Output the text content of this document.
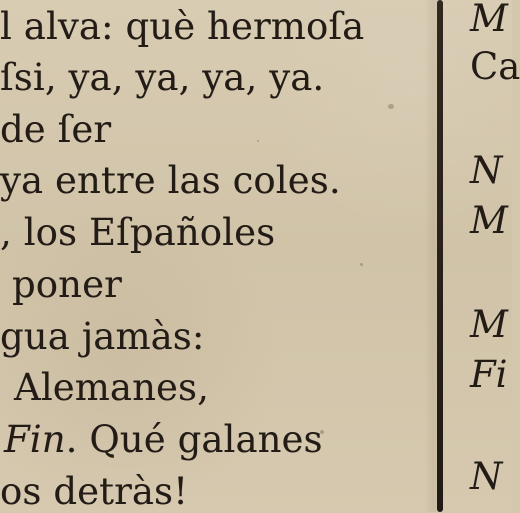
l alva: què hermoſa
ſsi, ya, ya, ya, ya.
de ſer
ya entre las coles.
, los Eſpañoles
poner
gua jamàs:
Alemanes,
Fin. Qué galanes
os detràs!
M
Ca
N
M
M
Fi
N
